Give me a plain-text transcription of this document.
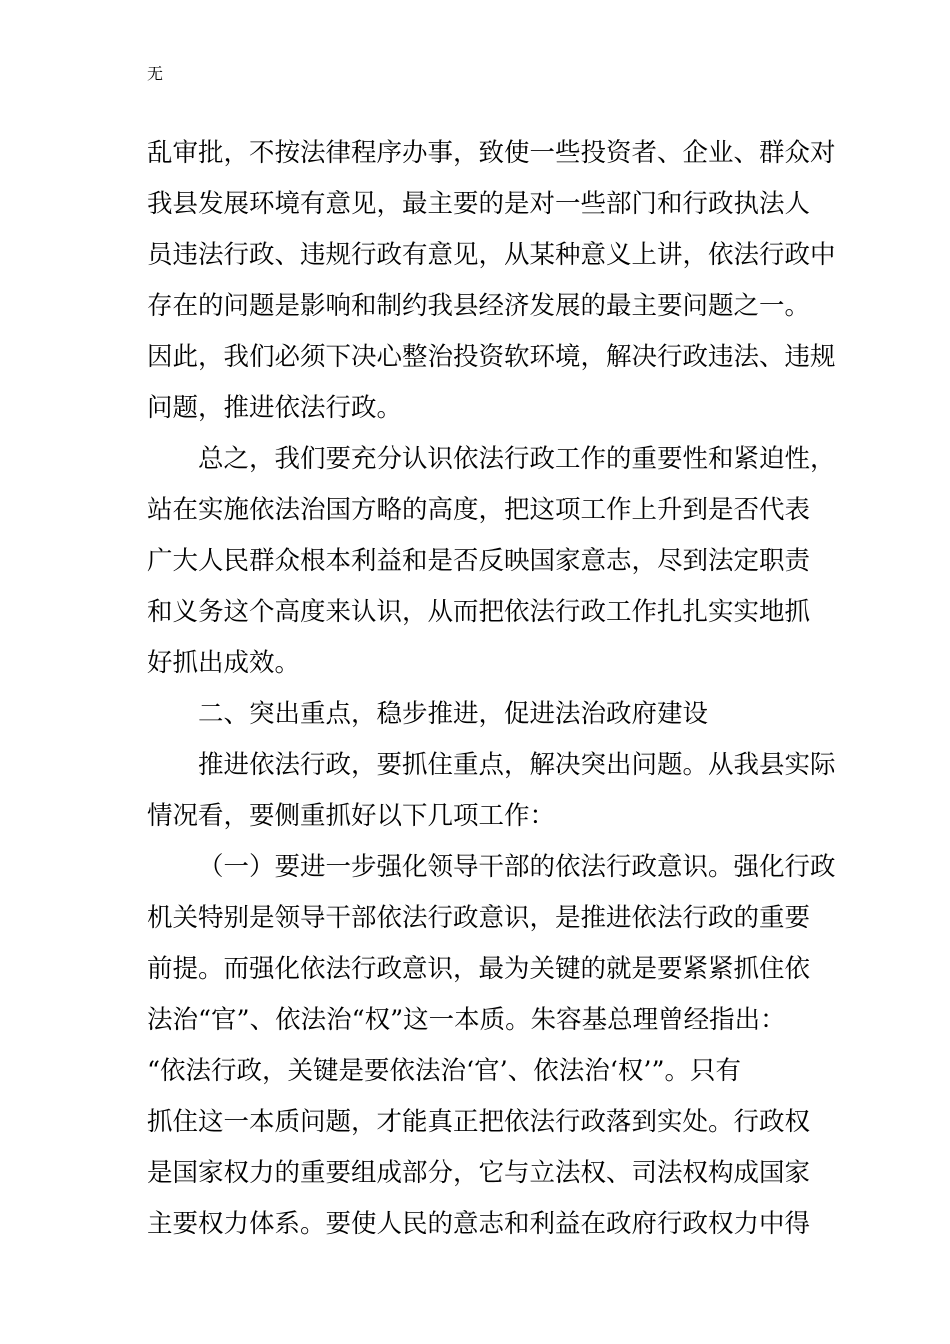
无
乱审批，不按法律程序办事，致使一些投资者、企业、群众对
我县发展环境有意见，最主要的是对一些部门和行政执法人
员违法行政、违规行政有意见，从某种意义上讲，依法行政中
存在的问题是影响和制约我县经济发展的最主要问题之一。
因此，我们必须下决心整治投资软环境，解决行政违法、违规
问题，推进依法行政。
总之，我们要充分认识依法行政工作的重要性和紧迫性，
站在实施依法治国方略的高度，把这项工作上升到是否代表
广大人民群众根本利益和是否反映国家意志，尽到法定职责
和义务这个高度来认识，从而把依法行政工作扎扎实实地抓
好抓出成效。
二、突出重点，稳步推进，促进法治政府建设
推进依法行政，要抓住重点，解决突出问题。从我县实际
情况看，要侧重抓好以下几项工作：
（一）要进一步强化领导干部的依法行政意识。强化行政
机关特别是领导干部依法行政意识，是推进依法行政的重要
前提。而强化依法行政意识，最为关键的就是要紧紧抓住依
法治“官”、依法治“权”这一本质。朱容基总理曾经指出：
“依法行政，关键是要依法治‘官’、依法治‘权’”。只有
抓住这一本质问题，才能真正把依法行政落到实处。行政权
是国家权力的重要组成部分，它与立法权、司法权构成国家
主要权力体系。要使人民的意志和利益在政府行政权力中得
